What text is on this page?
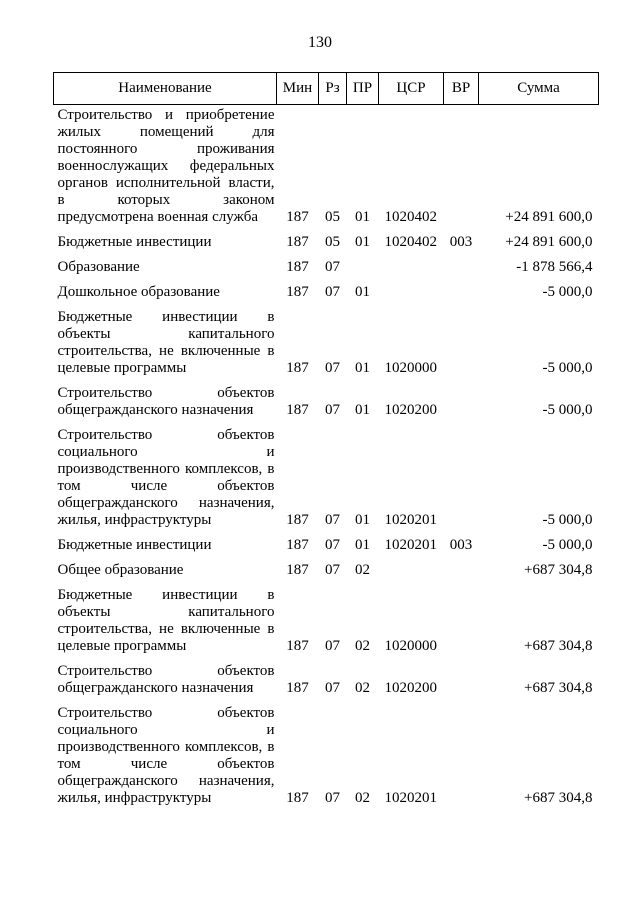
130
Наименование	Мин	Рз	ПР	ЦСР	ВР	Сумма
Строительство и приобретение жилых помещений для постоянного проживания военнослужащих федеральных органов исполнительной власти, в которых законом предусмотрена военная служба	187	05	01	1020402		+24 891 600,0
Бюджетные инвестиции	187	05	01	1020402	003	+24 891 600,0
Образование	187	07				-1 878 566,4
Дошкольное образование	187	07	01			-5 000,0
Бюджетные инвестиции в объекты капитального строительства, не включенные в целевые программы	187	07	01	1020000		-5 000,0
Строительство объектов общегражданского назначения	187	07	01	1020200		-5 000,0
Строительство объектов социального и производственного комплексов, в том числе объектов общегражданского назначения, жилья, инфраструктуры	187	07	01	1020201		-5 000,0
Бюджетные инвестиции	187	07	01	1020201	003	-5 000,0
Общее образование	187	07	02			+687 304,8
Бюджетные инвестиции в объекты капитального строительства, не включенные в целевые программы	187	07	02	1020000		+687 304,8
Строительство объектов общегражданского назначения	187	07	02	1020200		+687 304,8
Строительство объектов социального и производственного комплексов, в том числе объектов общегражданского назначения, жилья, инфраструктуры	187	07	02	1020201		+687 304,8
